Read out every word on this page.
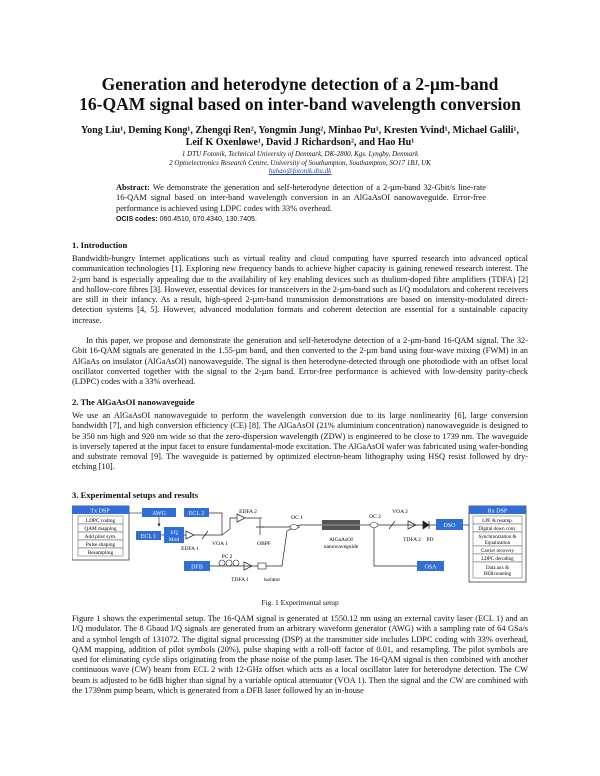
Generation and heterodyne detection of a 2-µm-band
16-QAM signal based on inter-band wavelength conversion
Yong Liu¹, Deming Kong¹, Zhengqi Ren², Yongmin Jung², Minhao Pu¹, Kresten Yvind¹, Michael Galili¹,
Leif K Oxenløwe¹, David J Richardson², and Hao Hu¹
1 DTU Fotonik, Technical University of Denmark, DK-2800, Kgs. Lyngby, Denmark
2 Optoelectronics Research Centre, University of Southampton, Southampton, SO17 1BJ, UK
huhao@fotonik.dtu.dk
Abstract: We demonstrate the generation and self-heterodyne detection of a 2-µm-band 32-Gbit/s line-rate 16-QAM signal based on inter-band wavelength conversion in an AlGaAsOI nanowaveguide. Error-free performance is achieved using LDPC codes with 33% overhead.
OCIS codes: 060.4510, 070.4340, 130.7405.
1. Introduction

Bandwidth-hungry Internet applications such as virtual reality and cloud computing have spurred research into advanced optical communication technologies [1]. Exploring new frequency bands to achieve higher capacity is gaining renewed research interest. The 2-µm band is especially appealing due to the availability of key enabling devices such as thulium-doped fibre amplifiers (TDFA) [2] and hollow-core fibres [3]. However, essential devices for transceivers in the 2-µm-band such as I/Q modulators and coherent receivers are still in their infancy. As a result, high-speed 2-µm-band transmission demonstrations are based on intensity-modulated direct-detection systems [4, 5]. However, advanced modulation formats and coherent detection are essential for a sustainable capacity increase.

In this paper, we propose and demonstrate the generation and self-heterodyne detection of a 2-µm-band 16-QAM signal. The 32-Gbit 16-QAM signals are generated in the 1.55-µm band, and then converted to the 2-µm band using four-wave mixing (FWM) in an AlGaAs on insulator (AlGaAsOI) nanowaveguide. The signal is then heterodyne-detected through one photodiode with an offset local oscillator converted together with the signal to the 2-µm band. Error-free performance is achieved with low-density parity-check (LDPC) codes with a 33% overhead.

2. The AlGaAsOI nanowaveguide

We use an AlGaAsOI nanowaveguide to perform the wavelength conversion due to its large nonlinearity [6], large conversion bandwidth [7], and high conversion efficiency (CE) [8]. The AlGaAsOI (21% aluminium concentration) nanowaveguide is designed to be 350 nm high and 920 nm wide so that the zero-dispersion wavelength (ZDW) is engineered to be close to 1739 nm. The waveguide is inversely tapered at the input facet to ensure fundamental-mode excitation. The AlGaAsOI wafer was fabricated using wafer-bonding and substrate removal [9]. The waveguide is patterned by optimized electron-beam lithography using HSQ resist followed by dry-etching [10].

3. Experimental setups and results
Tx DSP
LDPC coding
QAM mapping
Add pilot sym.
Pulse shaping
Resampling
AWG	ECL 2
ECL 1
I/Q
Mod
EDFA 1
VOA 1
EDFA 2
OBPF
PC 2
DFB
TDFA 1	isolator
OC 1
AlGaAsOI
nanowaveguide
OC 2
VOA 2
TDFA 2 PD
DSO
OSA
Rx DSP
LPF & resamp.
Digital down conv.
Synchronization &
Equalization
Carrier recovery
LDPC decoding
Data aux &
BERcounting
Fig. 1 Experimental setup

Figure 1 shows the experimental setup. The 16-QAM signal is generated at 1550.12 nm using an external cavity laser (ECL 1) and an I/Q modulator. The 8 Gbaud I/Q signals are generated from an arbitrary waveform generator (AWG) with a sampling rate of 64 GSa/s and a symbol length of 131072. The digital signal processing (DSP) at the transmitter side includes LDPC coding with 33% overhead, QAM mapping, addition of pilot symbols (20%), pulse shaping with a roll-off factor of 0.01, and resampling. The pilot symbols are used for eliminating cycle slips originating from the phase noise of the pump laser. The 16-QAM signal is then combined with another continuous wave (CW) beam from ECL 2 with 12-GHz offset which acts as a local oscillator later for heterodyne detection. The CW beam is adjusted to be 6dB higher than signal by a variable optical attenuator (VOA 1). Then the signal and the CW are combined with the 1739nm pump beam, which is generated from a DFB laser followed by an in-house
